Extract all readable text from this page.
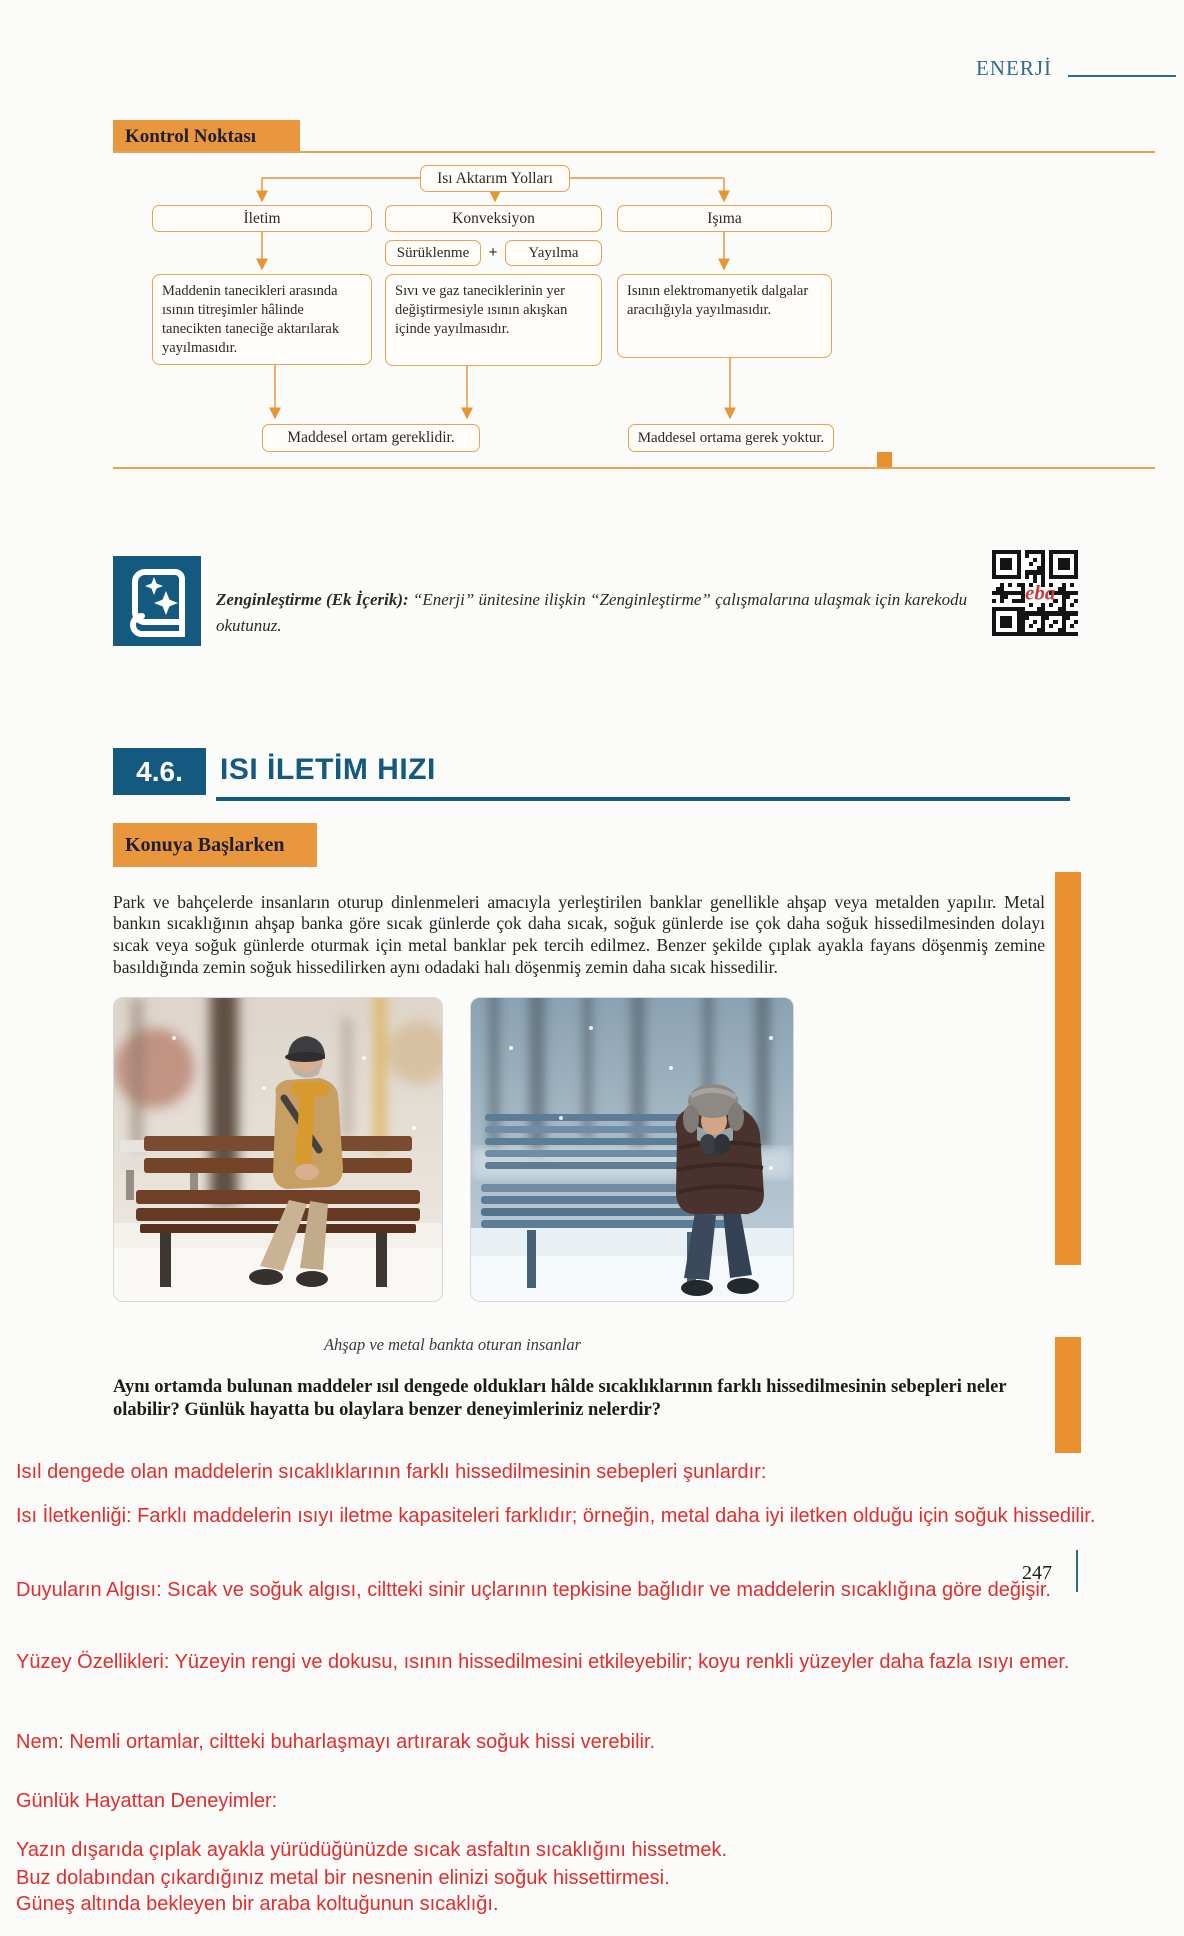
ENERJİ
Kontrol Noktası
Isı Aktarım Yolları
İletim	Konveksiyon	Işıma
Sürüklenme	+	Yayılma
Maddenin tanecikleri arasında ısının titreşimler hâlinde tanecikten taneciğe aktarılarak yayılmasıdır.
Sıvı ve gaz taneciklerinin yer değiştirmesiyle ısının akışkan içinde yayılmasıdır.
Isının elektromanyetik dalgalar aracılığıyla yayılmasıdır.
Maddesel ortam gereklidir.	Maddesel ortama gerek yoktur.

Zenginleştirme (Ek İçerik): “Enerji” ünitesine ilişkin “Zenginleştirme” çalışmalarına ulaşmak için karekodu okutunuz.

eba
4.6.	ISI İLETİM HIZI
Konuya Başlarken

Park ve bahçelerde insanların oturup dinlenmeleri amacıyla yerleştirilen banklar genellikle ahşap veya metalden yapılır. Metal bankın sıcaklığının ahşap banka göre sıcak günlerde çok daha sıcak, soğuk günlerde ise çok daha soğuk hissedilmesinden dolayı sıcak veya soğuk günlerde oturmak için metal banklar pek tercih edilmez. Benzer şekilde çıplak ayakla fayans döşenmiş zemine basıldığında zemin soğuk hissedilirken aynı odadaki halı döşenmiş zemin daha sıcak hissedilir.

Ahşap ve metal bankta oturan insanlar

Aynı ortamda bulunan maddeler ısıl dengede oldukları hâlde sıcaklıklarının farklı hissedilmesinin sebepleri neler olabilir? Günlük hayatta bu olaylara benzer deneyimleriniz nelerdir?

Isıl dengede olan maddelerin sıcaklıklarının farklı hissedilmesinin sebepleri şunlardır:
Isı İletkenliği: Farklı maddelerin ısıyı iletme kapasiteleri farklıdır; örneğin, metal daha iyi iletken olduğu için soğuk hissedilir.
Duyuların Algısı: Sıcak ve soğuk algısı, ciltteki sinir uçlarının tepkisine bağlıdır ve maddelerin sıcaklığına göre değişir.
Yüzey Özellikleri: Yüzeyin rengi ve dokusu, ısının hissedilmesini etkileyebilir; koyu renkli yüzeyler daha fazla ısıyı emer.
Nem: Nemli ortamlar, ciltteki buharlaşmayı artırarak soğuk hissi verebilir.
Günlük Hayattan Deneyimler:
Yazın dışarıda çıplak ayakla yürüdüğünüzde sıcak asfaltın sıcaklığını hissetmek.
Buz dolabından çıkardığınız metal bir nesnenin elinizi soğuk hissettirmesi.
Güneş altında bekleyen bir araba koltuğunun sıcaklığı.
247
